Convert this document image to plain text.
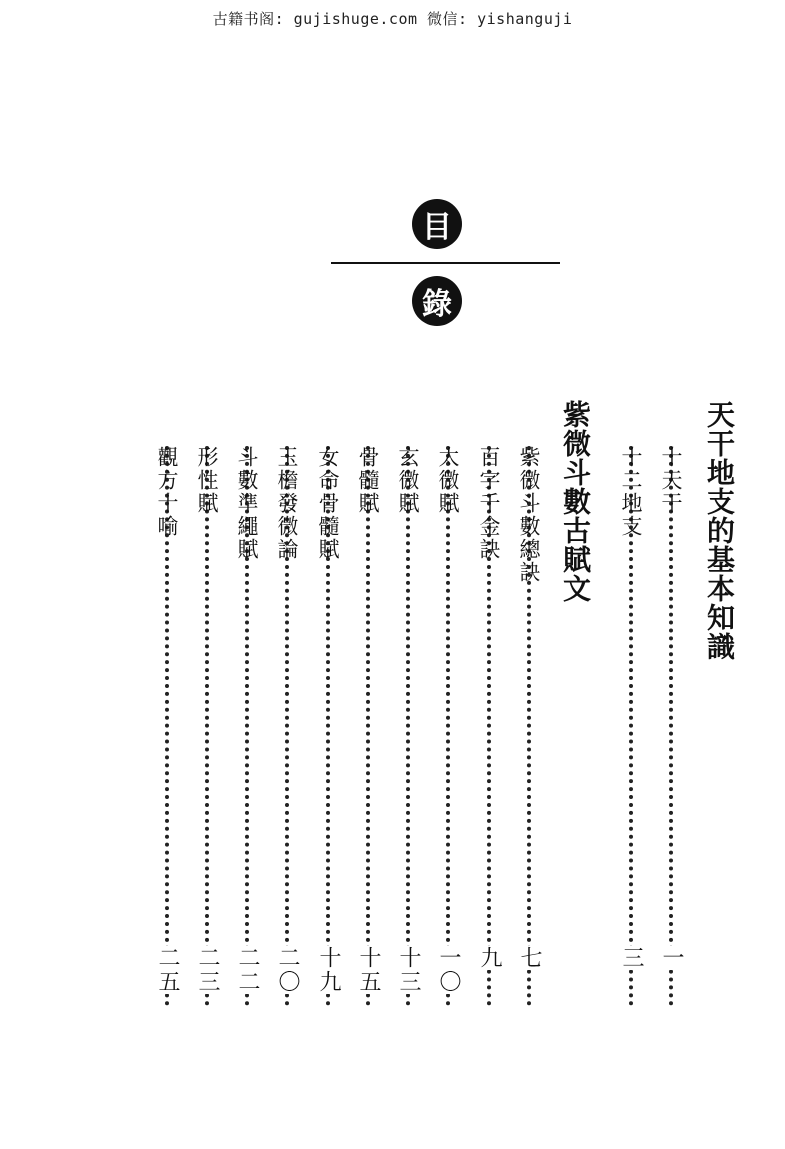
古籍书阁: gujishuge.com 微信: yishanguji
目
錄
天干地支的基本知識
十天干
一
十二地支
三
紫微斗數古賦文
紫微斗數總訣
七
百字千金訣
九
太微賦
一〇
玄微賦
十三
骨髓賦
十五
女命骨髓賦
十九
玉檐發微論
二〇
斗數準繩賦
二二
形性賦
二三
觀方十喻
二五
